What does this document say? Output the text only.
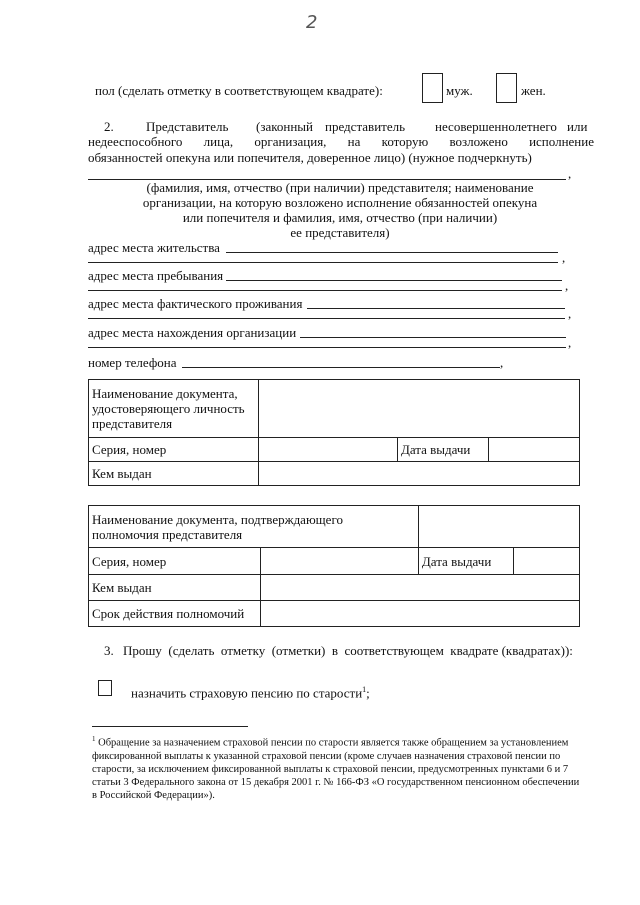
2
пол (сделать отметку в соответствующем квадрате):	муж.	жен.
2. Представитель (законный представитель несовершеннолетнего или
недееспособного      лица,      организация,      на      которую      возложено      исполнение
обязанностей опекуна или попечителя, доверенное лицо) (нужное подчеркнуть)
,
(фамилия, имя, отчество (при наличии) представителя; наименование
организации, на которую возложено исполнение обязанностей опекуна
или попечителя и фамилия, имя, отчество (при наличии)
ее представителя)
адрес места жительства
,
адрес места пребывания
,
адрес места фактического проживания
,
адрес места нахождения организации
,
номер телефона	,
Наименование документа,
удостоверяющего личность
представителя			

Серия, номер		Дата выдачи	
Кем выдан			
Наименование документа, подтверждающего
полномочия представителя

Серия, номер			Дата выдачи	

Кем выдан	
Срок действия полномочий	
3. Прошу  (сделать  отметку  (отметки)  в  соответствующем  квадрате (квадратах)):
назначить страховую пенсию по старости$^1$;
$^1$ Обращение за назначением страховой пенсии по старости является также обращением за установлением
фиксированной выплаты к указанной страховой пенсии (кроме случаев назначения страховой пенсии по
старости, за исключением фиксированной выплаты к страховой пенсии, предусмотренных пунктами 6 и 7
статьи 3 Федерального закона от 15 декабря 2001 г. № 166-ФЗ «О государственном пенсионном обеспечении
в Российской Федерации»).
